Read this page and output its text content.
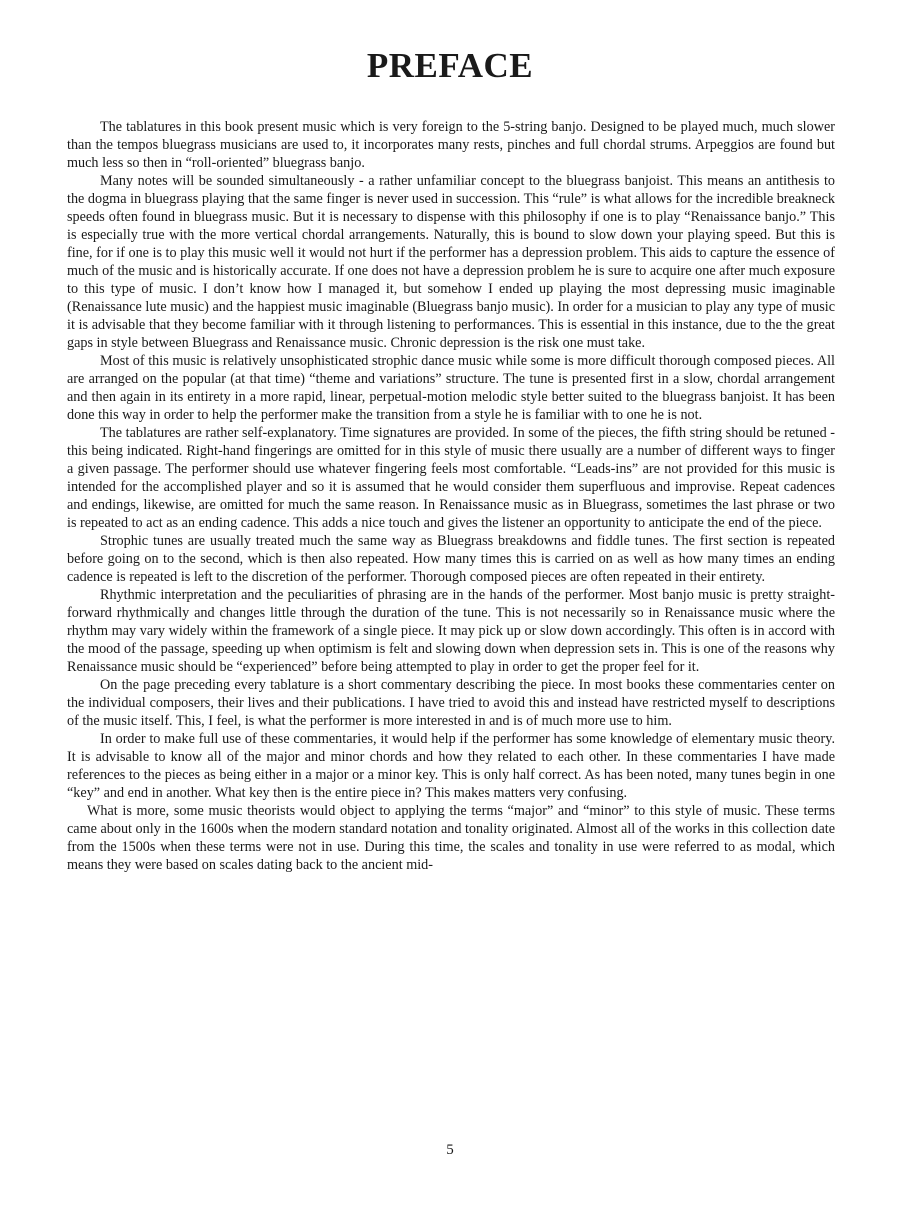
PREFACE

The tablatures in this book present music which is very foreign to the 5-string banjo. Designed to be played much, much slower than the tempos bluegrass musicians are used to, it incorporates many rests, pinches and full chordal strums. Arpeggios are found but much less so then in “roll-oriented” bluegrass banjo.

Many notes will be sounded simultaneously - a rather unfamiliar concept to the bluegrass banjoist. This means an antithesis to the dogma in bluegrass playing that the same finger is never used in succession. This “rule” is what allows for the incredible breakneck speeds often found in bluegrass music. But it is necessary to dispense with this philosophy if one is to play “Renaissance banjo.” This is especially true with the more vertical chordal arrangements. Naturally, this is bound to slow down your playing speed. But this is fine, for if one is to play this music well it would not hurt if the performer has a depression problem. This aids to capture the essence of much of the music and is historically accurate. If one does not have a depression problem he is sure to acquire one after much exposure to this type of music. I don’t know how I managed it, but somehow I ended up playing the most depressing music imaginable (Renaissance lute music) and the happiest music imaginable (Bluegrass banjo music). In order for a musician to play any type of music it is advisable that they become familiar with it through listening to performances. This is essential in this instance, due to the the great gaps in style between Bluegrass and Renaissance music. Chronic depression is the risk one must take.

Most of this music is relatively unsophisticated strophic dance music while some is more difficult thorough composed pieces. All are arranged on the popular (at that time) “theme and variations” structure. The tune is presented first in a slow, chordal arrangement and then again in its entirety in a more rapid, linear, perpetual-motion melodic style better suited to the bluegrass banjoist. It has been done this way in order to help the performer make the transition from a style he is familiar with to one he is not.

The tablatures are rather self-explanatory. Time signatures are provided. In some of the pieces, the fifth string should be retuned - this being indicated. Right-hand fingerings are omitted for in this style of music there usually are a number of different ways to finger a given passage. The performer should use whatever fingering feels most comfortable. “Leads-ins” are not provided for this music is intended for the accomplished player and so it is assumed that he would consider them superfluous and improvise. Repeat cadences and endings, likewise, are omitted for much the same reason. In Renaissance music as in Bluegrass, sometimes the last phrase or two is repeated to act as an ending cadence. This adds a nice touch and gives the listener an opportunity to anticipate the end of the piece.

Strophic tunes are usually treated much the same way as Bluegrass breakdowns and fiddle tunes. The first section is repeated before going on to the second, which is then also repeated. How many times this is carried on as well as how many times an ending cadence is repeated is left to the discretion of the performer. Thorough composed pieces are often repeated in their entirety.

Rhythmic interpretation and the peculiarities of phrasing are in the hands of the performer. Most banjo music is pretty straight-forward rhythmically and changes little through the duration of the tune. This is not necessarily so in Renaissance music where the rhythm may vary widely within the framework of a single piece. It may pick up or slow down accordingly. This often is in accord with the mood of the passage, speeding up when optimism is felt and slowing down when depression sets in. This is one of the reasons why Renaissance music should be “experienced” before being attempted to play in order to get the proper feel for it.

On the page preceding every tablature is a short commentary describing the piece. In most books these commentaries center on the individual composers, their lives and their publications. I have tried to avoid this and instead have restricted myself to descriptions of the music itself. This, I feel, is what the performer is more interested in and is of much more use to him.

In order to make full use of these commentaries, it would help if the performer has some knowledge of elementary music theory. It is advisable to know all of the major and minor chords and how they related to each other. In these commentaries I have made references to the pieces as being either in a major or a minor key. This is only half correct. As has been noted, many tunes begin in one “key” and end in another. What key then is the entire piece in? This makes matters very confusing.

What is more, some music theorists would object to applying the terms “major” and “minor” to this style of music. These terms came about only in the 1600s when the modern standard notation and tonality originated. Almost all of the works in this collection date from the 1500s when these terms were not in use. During this time, the scales and tonality in use were referred to as modal, which means they were based on scales dating back to the ancient mid-

5
